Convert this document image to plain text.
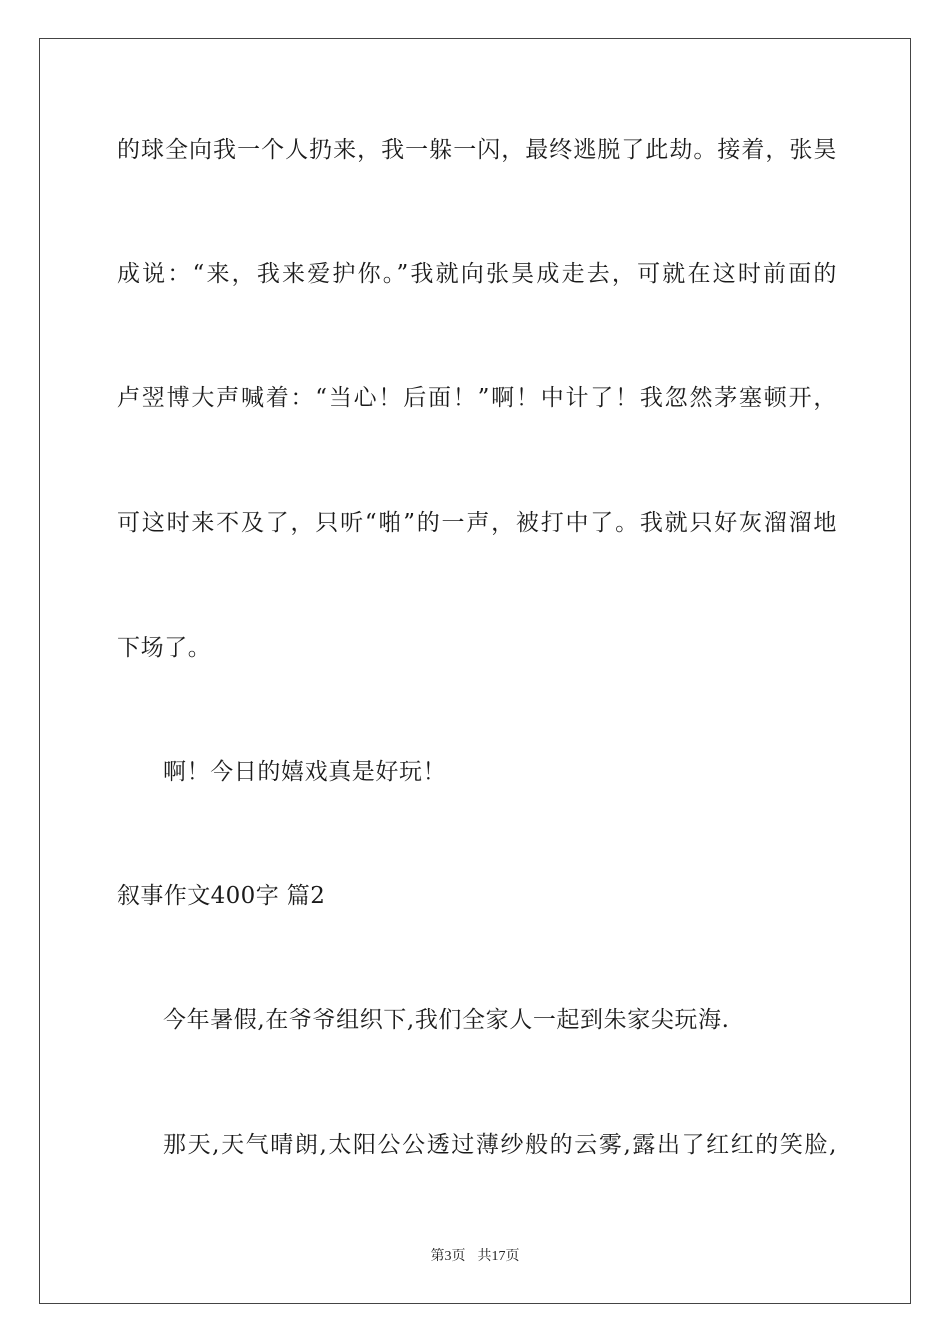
的球全向我一个人扔来，我一躲一闪，最终逃脱了此劫。接着，张昊
成说：“来，我来爱护你。”我就向张昊成走去，可就在这时前面的
卢翌博大声喊着：“当心！后面！”啊！中计了！我忽然茅塞顿开，
可这时来不及了，只听“啪”的一声，被打中了。我就只好灰溜溜地
下场了。
啊！今日的嬉戏真是好玩！
叙事作文400字 篇2
今年暑假,在爷爷组织下,我们全家人一起到朱家尖玩海.
那天,天气晴朗,太阳公公透过薄纱般的云雾,露出了红红的笑脸,
第3页 共17页
